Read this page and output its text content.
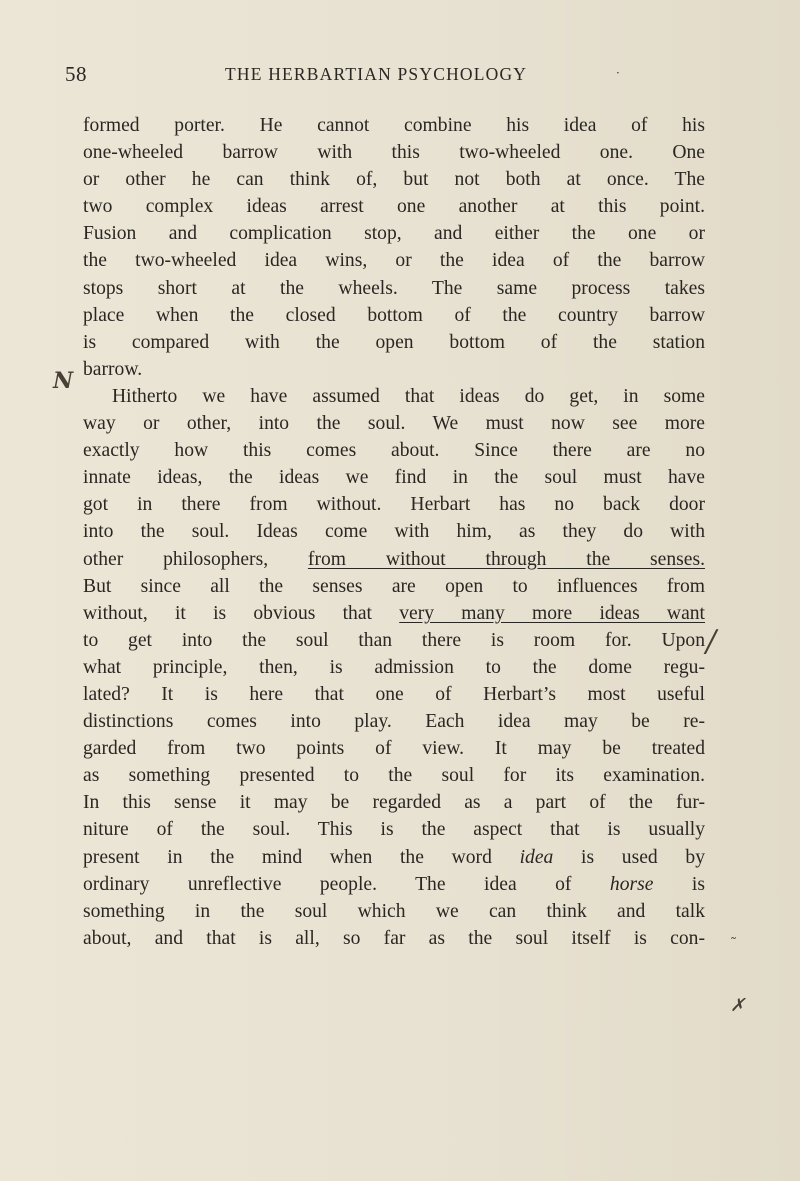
58	THE HERBARTIAN PSYCHOLOGY	·
N
/
˜
✗
formed porter. He cannot combine his idea of his
one-wheeled barrow with this two-wheeled one. One
or other he can think of, but not both at once. The
two complex ideas arrest one another at this point.
Fusion and complication stop, and either the one or
the two-wheeled idea wins, or the idea of the barrow
stops short at the wheels. The same process takes
place when the closed bottom of the country barrow
is compared with the open bottom of the station
barrow.
Hitherto we have assumed that ideas do get, in some
way or other, into the soul. We must now see more
exactly how this comes about. Since there are no
innate ideas, the ideas we find in the soul must have
got in there from without. Herbart has no back door
into the soul. Ideas come with him, as they do with
other philosophers, from without through the senses.
But since all the senses are open to influences from
without, it is obvious that very many more ideas want
to get into the soul than there is room for. Upon
what principle, then, is admission to the dome regu-
lated? It is here that one of Herbart’s most useful
distinctions comes into play. Each idea may be re-
garded from two points of view. It may be treated
as something presented to the soul for its examination.
In this sense it may be regarded as a part of the fur-
niture of the soul. This is the aspect that is usually
present in the mind when the word idea is used by
ordinary unreflective people. The idea of horse is
something in the soul which we can think and talk
about, and that is all, so far as the soul itself is con-
